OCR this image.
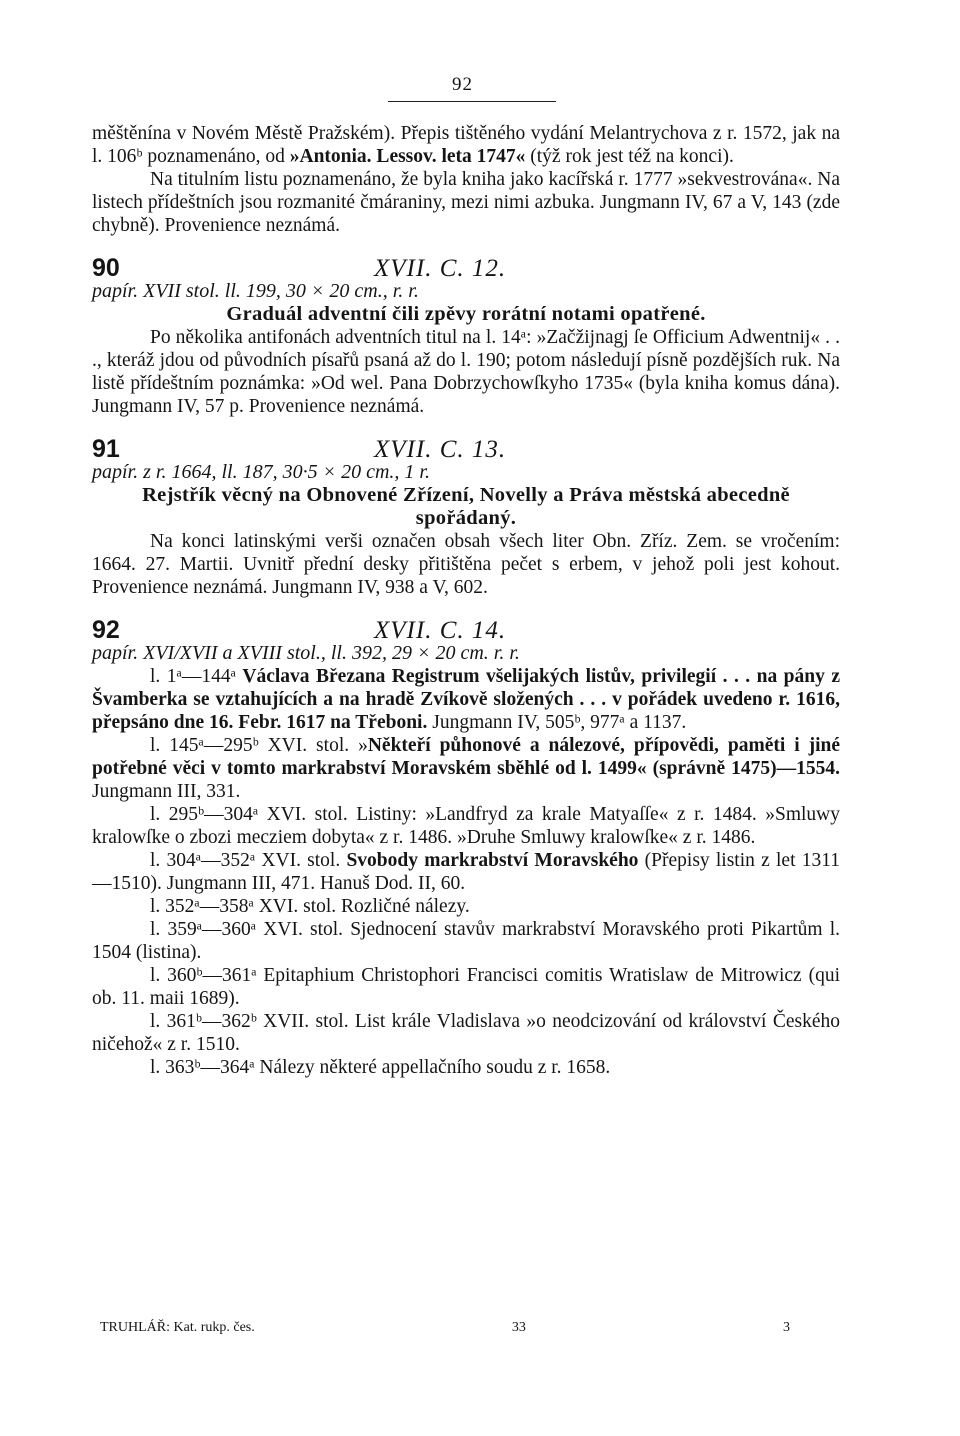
92

měštěnína v Novém Městě Pražském). Přepis tištěného vydání Melantrychova z r. 1572, jak na l. 106ᵇ poznamenáno, od »Antonia. Lessov. leta 1747« (týž rok jest též na konci).

Na titulním listu poznamenáno, že byla kniha jako kacířská r. 1777 »sekvestrována«. Na listech přídeštních jsou rozmanité čmáraniny, mezi nimi azbuka. Jungmann IV, 67 a V, 143 (zde chybně). Provenience neznámá.

90	XVII. C. 12.

papír. XVII stol. ll. 199, 30 × 20 cm., r. r.

Graduál adventní čili zpěvy rorátní notami opatřené.

Po několika antifonách adventních titul na l. 14ᵃ: »Začžijnagj ſe Officium Adwentnij« . . ., kteráž jdou od původních písařů psaná až do l. 190; potom následují písně pozdějších ruk. Na listě přídeštním poznámka: »Od wel. Pana Dobrzychowſkyho 1735« (byla kniha komus dána). Jungmann IV, 57 p. Provenience neznámá.

91	XVII. C. 13.

papír. z r. 1664, ll. 187, 30·5 × 20 cm., 1 r.

Rejstřík věcný na Obnovené Zřízení, Novelly a Práva městská abecedně spořádaný.

Na konci latinskými verši označen obsah všech liter Obn. Zříz. Zem. se vročením: 1664. 27. Martii. Uvnitř přední desky přitištěna pečet s erbem, v jehož poli jest kohout. Provenience neznámá. Jungmann IV, 938 a V, 602.

92	XVII. C. 14.

papír. XVI/XVII a XVIII stol., ll. 392, 29 × 20 cm. r. r.

l. 1ᵃ—144ᵃ Václava Březana Registrum všelijakých listův, privilegií . . . na pány z Švamberka se vztahujících a na hradě Zvíkově složených . . . v pořádek uvedeno r. 1616, přepsáno dne 16. Febr. 1617 na Třeboni. Jungmann IV, 505ᵇ, 977ᵃ a 1137.

l. 145ᵃ—295ᵇ XVI. stol. »Někteří půhonové a nálezové, přípovědi, paměti i jiné potřebné věci v tomto markrabství Moravském sběhlé od l. 1499« (správně 1475)—1554. Jungmann III, 331.

l. 295ᵇ—304ᵃ XVI. stol. Listiny: »Landfryd za krale Matyaſſe« z r. 1484. »Smluwy kralowſke o zbozi mecziem dobyta« z r. 1486. »Druhe Smluwy kralowſke« z r. 1486.

l. 304ᵃ—352ᵃ XVI. stol. Svobody markrabství Moravského (Přepisy listin z let 1311—1510). Jungmann III, 471. Hanuš Dod. II, 60.

l. 352ᵃ—358ᵃ XVI. stol. Rozličné nálezy.

l. 359ᵃ—360ᵃ XVI. stol. Sjednocení stavův markrabství Moravského proti Pikartům l. 1504 (listina).

l. 360ᵇ—361ᵃ Epitaphium Christophori Francisci comitis Wratislaw de Mitrowicz (qui ob. 11. maii 1689).

l. 361ᵇ—362ᵇ XVII. stol. List krále Vladislava »o neodcizování od království Českého ničehož« z r. 1510.

l. 363ᵇ—364ᵃ Nálezy některé appellačního soudu z r. 1658.

TRUHLÁŘ: Kat. rukp. čes.	33	3
